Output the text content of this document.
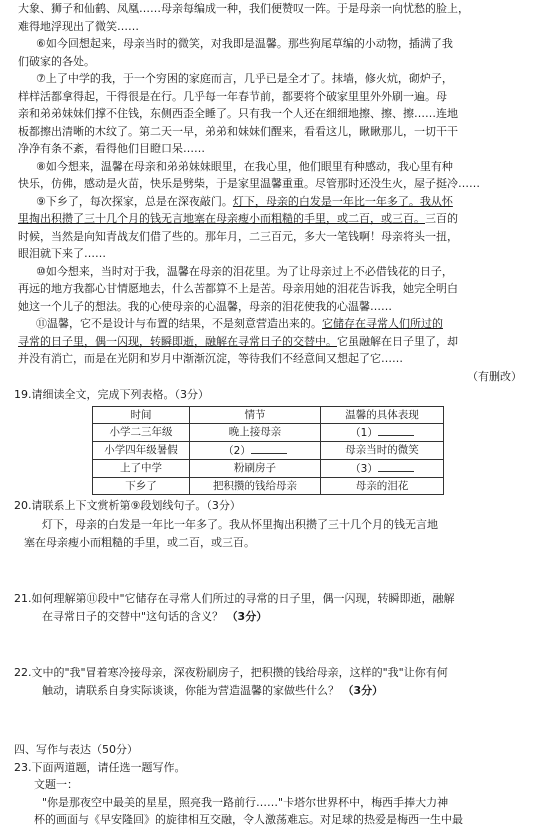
大象、狮子和仙鹤、凤凰……母亲每编成一种，我们便赞叹一阵。于是母亲一向忧愁的脸上，

难得地浮现出了微笑……

⑥如今回想起来，母亲当时的微笑，对我即是温馨。那些狗尾草编的小动物，插满了我

们破家的各处。

⑦上了中学的我，于一个穷困的家庭而言，几乎已是全才了。抹墙，修火炕，砌炉子，

样样活都拿得起，干得很是在行。几乎每一年春节前，都要将个破家里里外外刷一遍。母

亲和弟弟妹妹们撑不住钱，东侧西歪全睡了。只有我一个人还在细细地擦、擦、擦……连地

板都擦出清晰的木纹了。第二天一早，弟弟和妹妹们醒来，看看这儿，瞅瞅那儿，一切干干

净净有条不紊，看得他们目瞪口呆……

⑧如今想来，温馨在母亲和弟弟妹妹眼里，在我心里，他们眼里有种感动，我心里有种

快乐，仿佛，感动是火苗，快乐是劈柴，于是家里温馨重重。尽管那时还没生火，屋子挺冷……

⑨下乡了，每次探家，总是在深夜敲门。灯下，母亲的白发是一年比一年多了。我从怀

里掏出积攒了三十几个月的钱无言地塞在母亲瘦小而粗糙的手里，或二百，或三百。三百的

时候，当然是向知青战友们借了些的。那年月，二三百元，多大一笔钱啊！母亲将头一扭，

眼泪就下来了……

⑩如今想来，当时对于我，温馨在母亲的泪花里。为了让母亲过上不必借钱花的日子，

再远的地方我都心甘情愿地去，什么苦都算不上是苦。母亲用她的泪花告诉我，她完全明白

她这一个儿子的想法。我的心使母亲的心温馨，母亲的泪花使我的心温馨……

⑪温馨，它不是设计与布置的结果，不是刻意营造出来的。它储存在寻常人们所过的

寻常的日子里，偶一闪现，转瞬即逝，融解在寻常日子的交替中。它虽融解在日子里了，却

并没有消亡，而是在光阴和岁月中渐渐沉淀，等待我们不经意间又想起了它……

（有删改）

19.请细读全文，完成下列表格。（3分）

时间	情节	温馨的具体表现
小学二三年级	晚上接母亲	（1）
小学四年级暑假	（2）	母亲当时的微笑
上了中学	粉刷房子	（3）
下乡了	把积攒的钱给母亲	母亲的泪花

20.请联系上下文赏析第⑨段划线句子。（3分）

灯下，母亲的白发是一年比一年多了。我从怀里掏出积攒了三十几个月的钱无言地

塞在母亲瘦小而粗糙的手里，或二百，或三百。

21.如何理解第⑪段中"它储存在寻常人们所过的寻常的日子里，偶一闪现，转瞬即逝，融解

在寻常日子的交替中"这句话的含义？ （3分）

22.文中的"我"冒着寒冷接母亲，深夜粉刷房子，把积攒的钱给母亲，这样的"我"让你有何

触动，请联系自身实际谈谈，你能为营造温馨的家做些什么？ （3分）

四、写作与表达（50分）

23.下面两道题，请任选一题写作。

文题一：

"你是那夜空中最美的星星，照亮我一路前行……"卡塔尔世界杯中，梅西手捧大力神

杯的画面与《早安隆回》的旋律相互交融，令人激荡难忘。对足球的热爱是梅西一生中最
